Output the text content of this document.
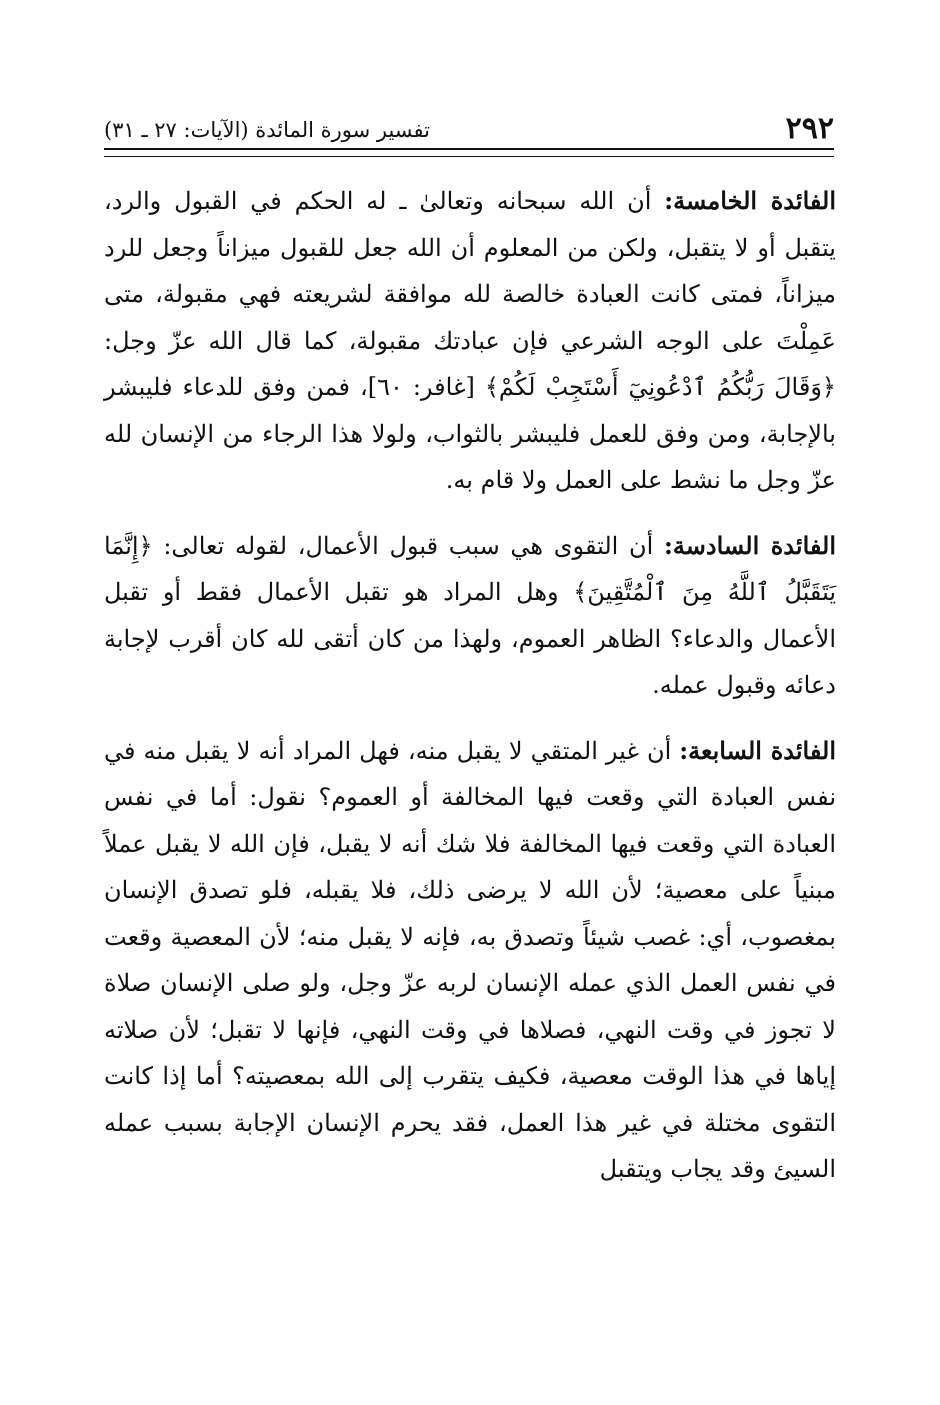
٢٩٢
تفسير سورة المائدة (الآيات: ٢٧ ـ ٣١)

الفائدة الخامسة: أن الله سبحانه وتعالىٰ ـ له الحكم في القبول والرد، يتقبل أو لا يتقبل، ولكن من المعلوم أن الله جعل للقبول ميزاناً وجعل للرد ميزاناً، فمتى كانت العبادة خالصة لله موافقة لشريعته فهي مقبولة، متى عَمِلْتَ على الوجه الشرعي فإن عبادتك مقبولة، كما قال الله عزّ وجل: ﴿وَقَالَ رَبُّكُمُ ٱدْعُونِيٓ أَسْتَجِبْ لَكُمْ﴾ [غافر: ٦٠]، فمن وفق للدعاء فليبشر بالإجابة، ومن وفق للعمل فليبشر بالثواب، ولولا هذا الرجاء من الإنسان لله عزّ وجل ما نشط على العمل ولا قام به.

الفائدة السادسة: أن التقوى هي سبب قبول الأعمال، لقوله تعالى: ﴿إِنَّمَا يَتَقَبَّلُ ٱللَّهُ مِنَ ٱلْمُتَّقِينَ﴾ وهل المراد هو تقبل الأعمال فقط أو تقبل الأعمال والدعاء؟ الظاهر العموم، ولهذا من كان أتقى لله كان أقرب لإجابة دعائه وقبول عمله.

الفائدة السابعة: أن غير المتقي لا يقبل منه، فهل المراد أنه لا يقبل منه في نفس العبادة التي وقعت فيها المخالفة أو العموم؟ نقول: أما في نفس العبادة التي وقعت فيها المخالفة فلا شك أنه لا يقبل، فإن الله لا يقبل عملاً مبنياً على معصية؛ لأن الله لا يرضى ذلك، فلا يقبله، فلو تصدق الإنسان بمغصوب، أي: غصب شيئاً وتصدق به، فإنه لا يقبل منه؛ لأن المعصية وقعت في نفس العمل الذي عمله الإنسان لربه عزّ وجل، ولو صلى الإنسان صلاة لا تجوز في وقت النهي، فصلاها في وقت النهي، فإنها لا تقبل؛ لأن صلاته إياها في هذا الوقت معصية، فكيف يتقرب إلى الله بمعصيته؟ أما إذا كانت التقوى مختلة في غير هذا العمل، فقد يحرم الإنسان الإجابة بسبب عمله السيئ وقد يجاب ويتقبل
